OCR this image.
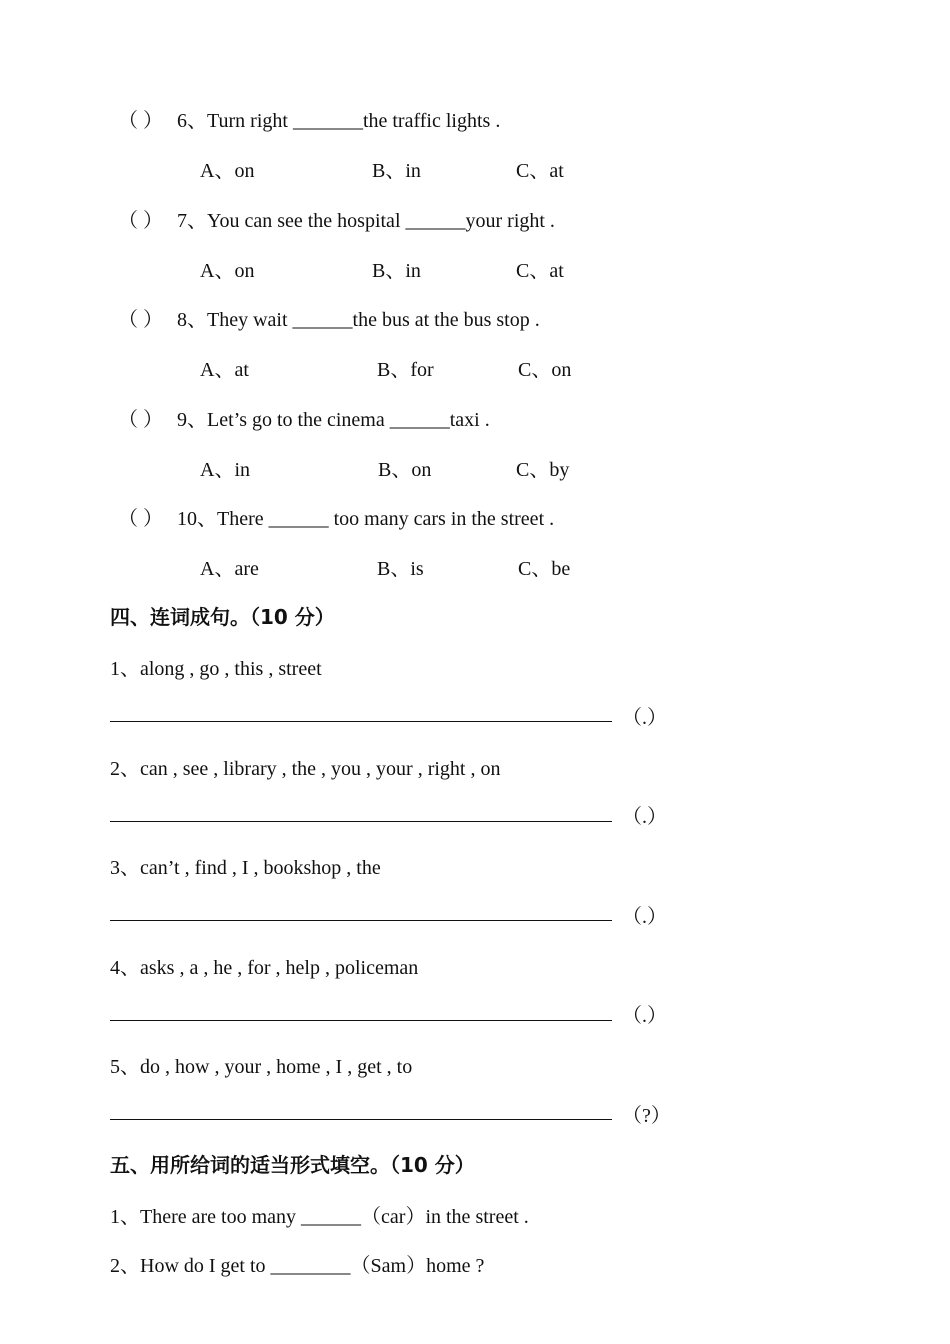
（ ） 6、Turn right _______the traffic lights .
A、on	B、in	C、at
（ ） 7、You can see the hospital ______your right .
A、on	B、in	C、at
（ ） 8、They wait ______the bus at the bus stop .
A、at	B、for	C、on
（ ） 9、Let’s go to the cinema ______taxi .
A、in	B、on	C、by
（ ） 10、There ______ too many cars in the street .
A、are	B、is	C、be
四、连词成句。（10 分）
1、along , go , this , street
（.）
2、can , see , library , the , you , your , right , on
（.）
3、can’t , find , I , bookshop , the
（.）
4、asks , a , he , for , help , policeman
（.）
5、do , how , your , home , I , get , to
（?）
五、用所给词的适当形式填空。（10 分）
1、There are too many ______（car）in the street .
2、How do I get to ________（Sam）home ?
